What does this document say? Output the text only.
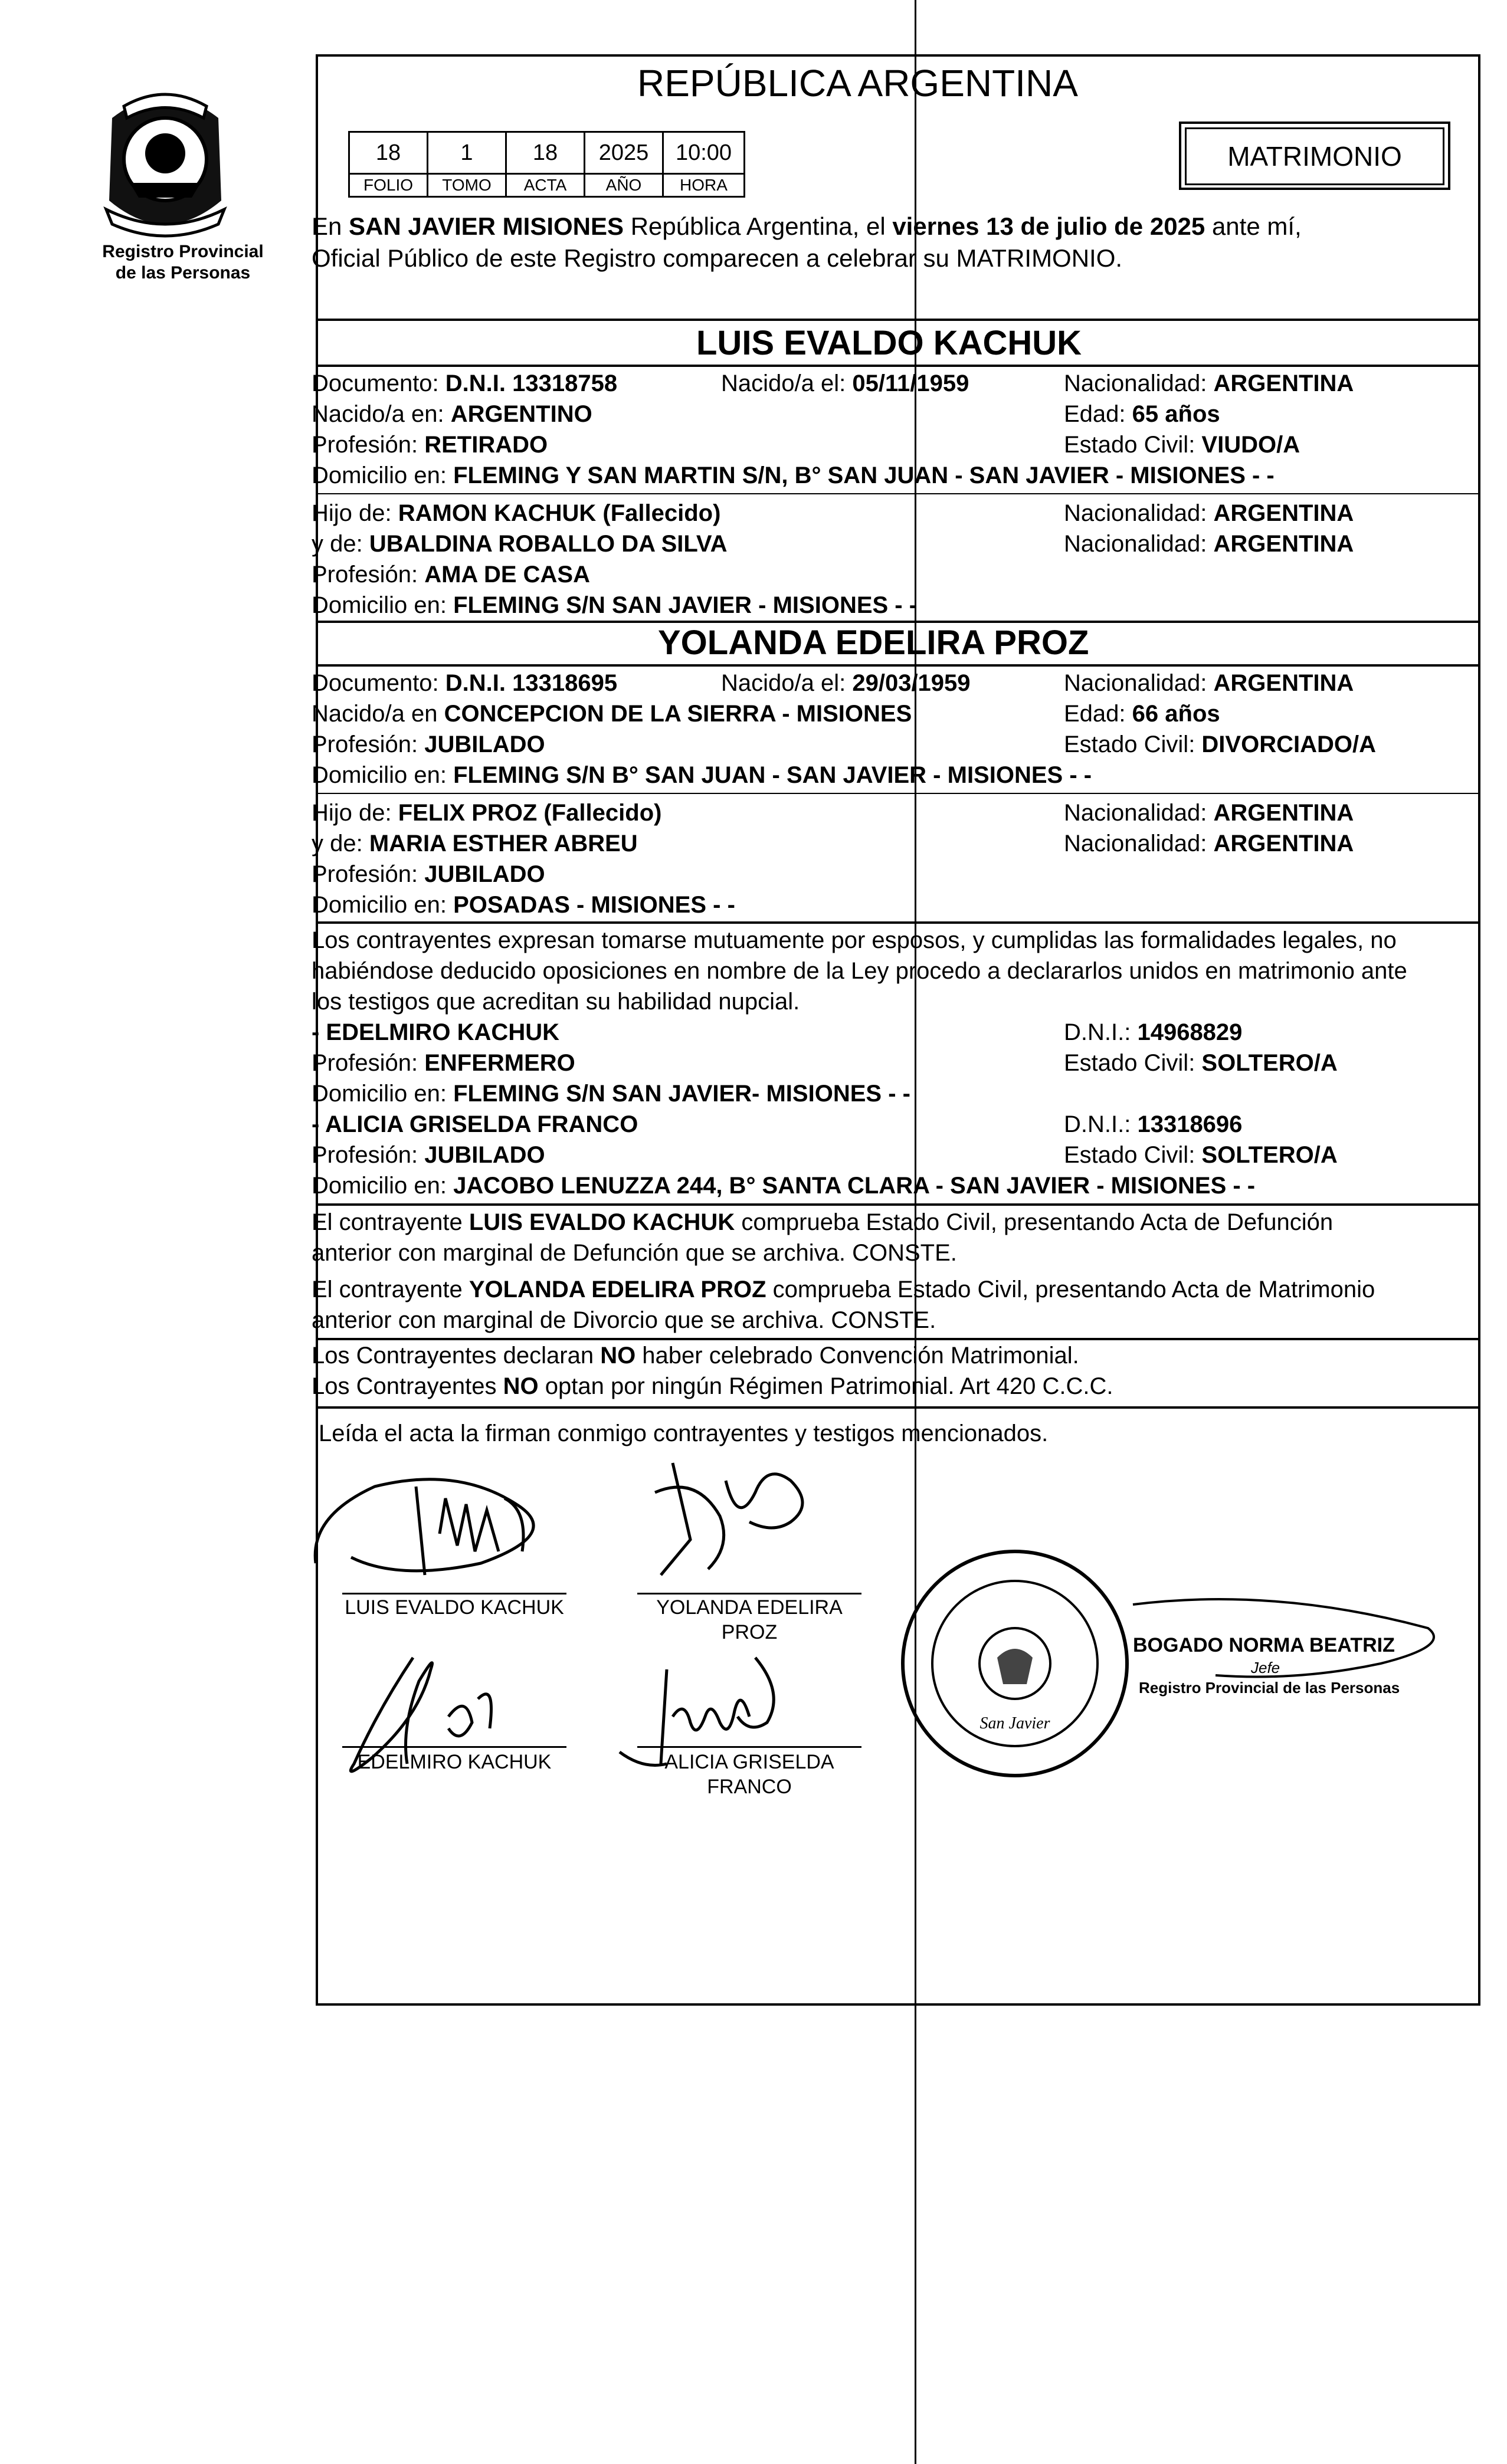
Registro Provincial
de las Personas
REPÚBLICA ARGENTINA
MATRIMONIO
18	1	18	2025	10:00
FOLIO	TOMO	ACTA	AÑO	HORA
En SAN JAVIER MISIONES República Argentina, el viernes 13 de julio de 2025 ante mí,
Oficial Público de este Registro comparecen a celebrar su MATRIMONIO.
LUIS EVALDO KACHUK
Documento: D.N.I. 13318758	Nacido/a el: 05/11/1959	Nacionalidad: ARGENTINA
Nacido/a en: ARGENTINO	Edad: 65 años
Profesión: RETIRADO	Estado Civil: VIUDO/A
Domicilio en: FLEMING Y SAN MARTIN S/N, B° SAN JUAN - SAN JAVIER - MISIONES - -
Hijo de: RAMON KACHUK (Fallecido)	Nacionalidad: ARGENTINA
y de: UBALDINA ROBALLO DA SILVA	Nacionalidad: ARGENTINA
Profesión: AMA DE CASA
Domicilio en: FLEMING S/N SAN JAVIER - MISIONES - -
YOLANDA EDELIRA PROZ
Documento: D.N.I. 13318695	Nacido/a el: 29/03/1959	Nacionalidad: ARGENTINA
Nacido/a en CONCEPCION DE LA SIERRA - MISIONES	Edad: 66 años
Profesión: JUBILADO	Estado Civil: DIVORCIADO/A
Domicilio en: FLEMING S/N B° SAN JUAN - SAN JAVIER - MISIONES - -
Hijo de: FELIX PROZ (Fallecido)	Nacionalidad: ARGENTINA
y de: MARIA ESTHER ABREU	Nacionalidad: ARGENTINA
Profesión: JUBILADO
Domicilio en: POSADAS - MISIONES - -
Los contrayentes expresan tomarse mutuamente por esposos, y cumplidas las formalidades legales, no
habiéndose deducido oposiciones en nombre de la Ley procedo a declararlos unidos en matrimonio ante
los testigos que acreditan su habilidad nupcial.
- EDELMIRO KACHUK	D.N.I.: 14968829
Profesión: ENFERMERO	Estado Civil: SOLTERO/A
Domicilio en: FLEMING S/N SAN JAVIER- MISIONES - -
- ALICIA GRISELDA FRANCO	D.N.I.: 13318696
Profesión: JUBILADO	Estado Civil: SOLTERO/A
Domicilio en: JACOBO LENUZZA 244, B° SANTA CLARA - SAN JAVIER - MISIONES - -
El contrayente LUIS EVALDO KACHUK comprueba Estado Civil, presentando Acta de Defunción
anterior con marginal de Defunción que se archiva. CONSTE.
El contrayente YOLANDA EDELIRA PROZ comprueba Estado Civil, presentando Acta de Matrimonio
anterior con marginal de Divorcio que se archiva. CONSTE.
Los Contrayentes declaran NO haber celebrado Convención Matrimonial.
Los Contrayentes NO optan por ningún Régimen Patrimonial. Art 420 C.C.C.
Leída el acta la firman conmigo contrayentes y testigos mencionados.
LUIS EVALDO KACHUK	YOLANDA EDELIRA
PROZ
EDELMIRO KACHUK	ALICIA GRISELDA
FRANCO
San Javier
BOGADO NORMA BEATRIZ
Jefe
Registro Provincial de las Personas
